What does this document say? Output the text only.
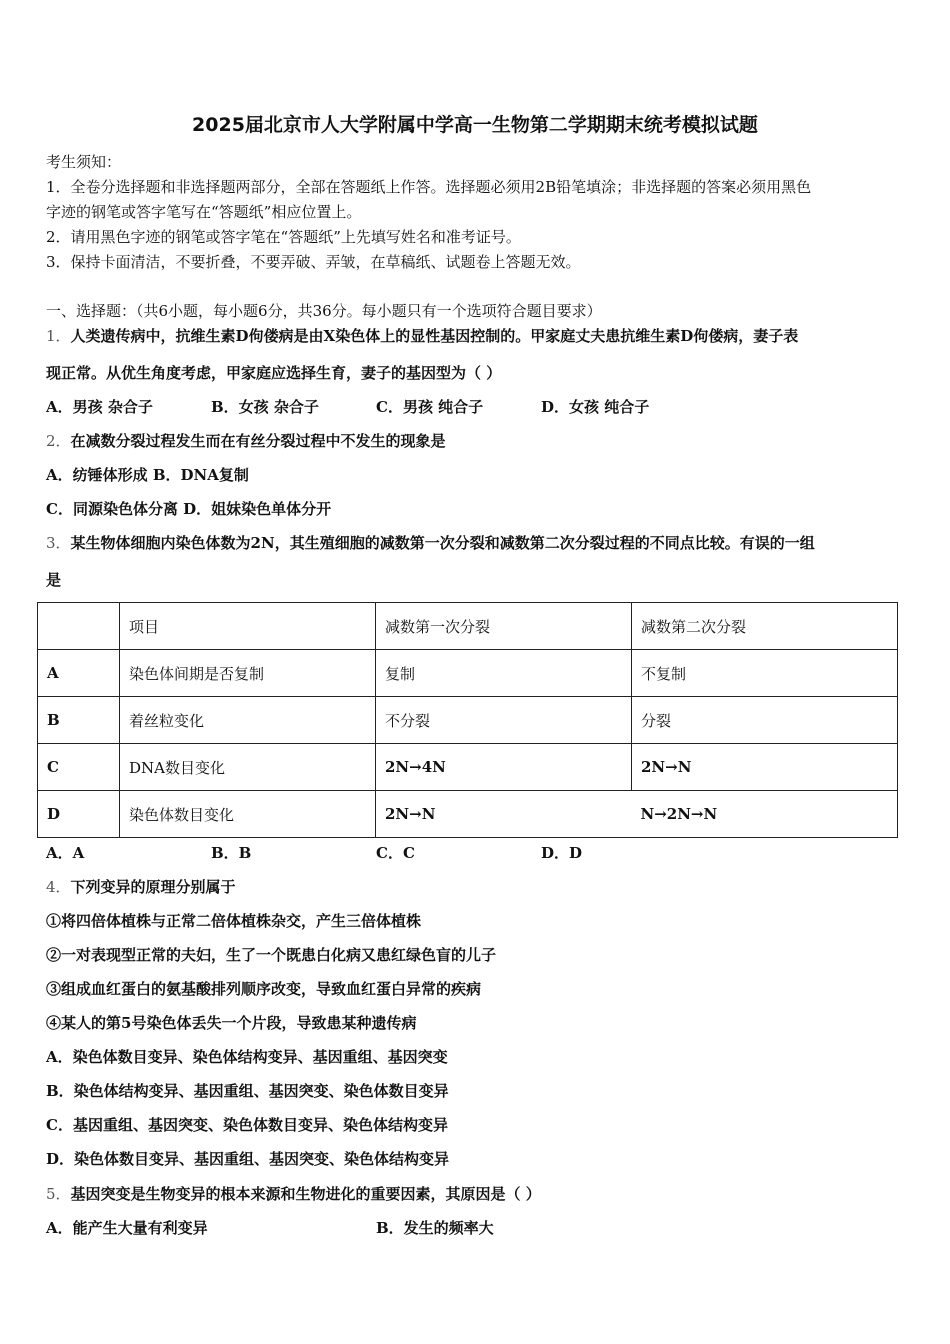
2025届北京市人大学附属中学高一生物第二学期期末统考模拟试题
考生须知：
1．全卷分选择题和非选择题两部分，全部在答题纸上作答。选择题必须用2B铅笔填涂；非选择题的答案必须用黑色
字迹的钢笔或答字笔写在“答题纸”相应位置上。
2．请用黑色字迹的钢笔或答字笔在“答题纸”上先填写姓名和准考证号。
3．保持卡面清洁，不要折叠，不要弄破、弄皱，在草稿纸、试题卷上答题无效。
一、选择题：（共6小题，每小题6分，共36分。每小题只有一个选项符合题目要求）
1．人类遗传病中，抗维生素D佝偻病是由X染色体上的显性基因控制的。甲家庭丈夫患抗维生素D佝偻病，妻子表
现正常。从优生角度考虑，甲家庭应选择生育，妻子的基因型为（ ）
A．男孩 杂合子	B．女孩 杂合子	C．男孩 纯合子	D．女孩 纯合子
2．在减数分裂过程发生而在有丝分裂过程中不发生的现象是
A．纺锤体形成 B．DNA复制
C．同源染色体分离 D．姐妹染色单体分开
3．某生物体细胞内染色体数为2N，其生殖细胞的减数第一次分裂和减数第二次分裂过程的不同点比较。有误的一组
是
	项目	减数第一次分裂	减数第二次分裂
A	染色体间期是否复制	复制	不复制
B	着丝粒变化	不分裂	分裂
C	DNA数目变化	2N→4N	2N→N
D	染色体数目变化	2N→N	N→2N→N
A．A	B．B	C．C	D．D
4．下列变异的原理分别属于
①将四倍体植株与正常二倍体植株杂交，产生三倍体植株
②一对表现型正常的夫妇，生了一个既患白化病又患红绿色盲的儿子
③组成血红蛋白的氨基酸排列顺序改变，导致血红蛋白异常的疾病
④某人的第5号染色体丢失一个片段，导致患某种遗传病
A．染色体数目变异、染色体结构变异、基因重组、基因突变
B．染色体结构变异、基因重组、基因突变、染色体数目变异
C．基因重组、基因突变、染色体数目变异、染色体结构变异
D．染色体数目变异、基因重组、基因突变、染色体结构变异
5．基因突变是生物变异的根本来源和生物进化的重要因素，其原因是（ ）
A．能产生大量有利变异	B．发生的频率大
